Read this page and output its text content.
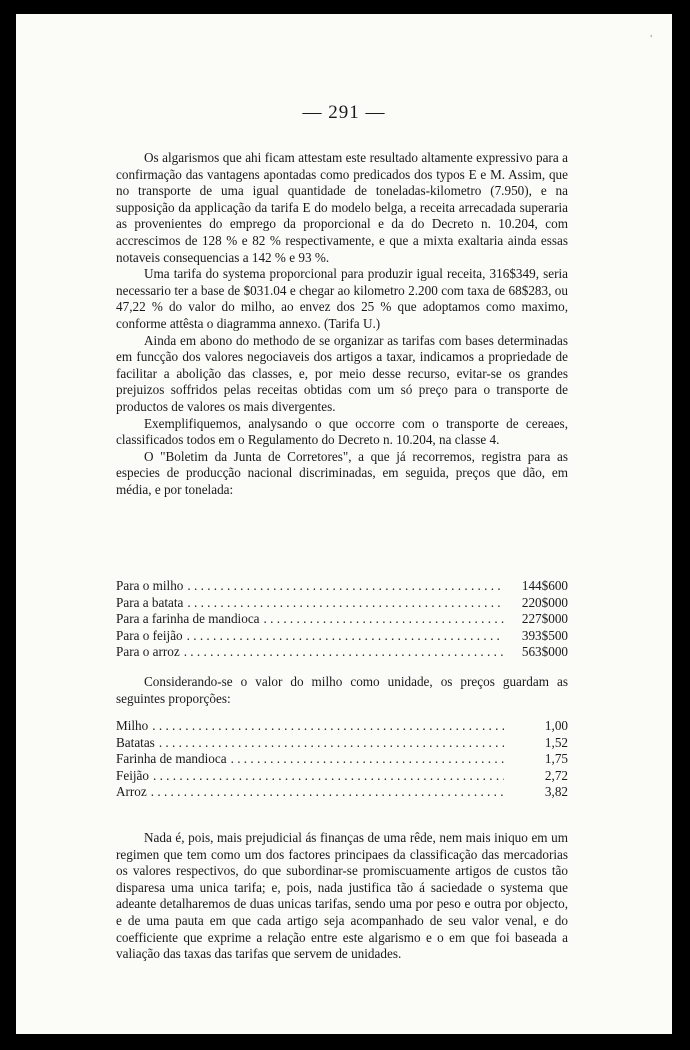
'
— 291 —

Os algarismos que ahi ficam attestam este resultado altamente expressivo para a confirmação das vantagens apontadas como predicados dos typos E e M. Assim, que no transporte de uma igual quantidade de toneladas-kilometro (7.950), e na supposição da applicação da tarifa E do modelo belga, a receita arrecadada superaria as provenientes do emprego da proporcional e da do Decreto n. 10.204, com accrescimos de 128 % e 82 % respectivamente, e que a mixta exaltaria ainda essas notaveis consequencias a 142 % e 93 %.

Uma tarifa do systema proporcional para produzir igual receita, 316$349, seria necessario ter a base de $031.04 e chegar ao kilometro 2.200 com taxa de 68$283, ou 47,22 % do valor do milho, ao envez dos 25 % que adoptamos como maximo, conforme attêsta o diagramma annexo. (Tarifa U.)

Ainda em abono do methodo de se organizar as tarifas com bases determinadas em funcção dos valores negociaveis dos artigos a taxar, indicamos a propriedade de facilitar a abolição das classes, e, por meio desse recurso, evitar-se os grandes prejuizos soffridos pelas receitas obtidas com um só preço para o transporte de productos de valores os mais divergentes.

Exemplifiquemos, analysando o que occorre com o transporte de cereaes, classificados todos em o Regulamento do Decreto n. 10.204, na classe 4.

O "Boletim da Junta de Corretores", a que já recorremos, registra para as especies de producção nacional discriminadas, em seguida, preços que dão, em média, e por tonelada:

Para o milho . . .	144$600
Para a batata . . .	220$000
Para a farinha de mandioca . . .	227$000
Para o feijão . . .	393$500
Para o arroz . . .	563$000

Considerando-se o valor do milho como unidade, os preços guardam as seguintes proporções:

Milho . . .	1,00
Batatas . . .	1,52
Farinha de mandioca . . .	1,75
Feijão . . .	2,72
Arroz . . .	3,82

Nada é, pois, mais prejudicial ás finanças de uma rêde, nem mais iniquo em um regimen que tem como um dos factores principaes da classificação das mercadorias os valores respectivos, do que subordinar-se promiscuamente artigos de custos tão disparesa uma unica tarifa; e, pois, nada justifica tão á saciedade o systema que adeante detalharemos de duas unicas tarifas, sendo uma por peso e outra por objecto, e de uma pauta em que cada artigo seja acompanhado de seu valor venal, e do coefficiente que exprime a relação entre este algarismo e o em que foi baseada a valiação das taxas das tarifas que servem de unidades.
